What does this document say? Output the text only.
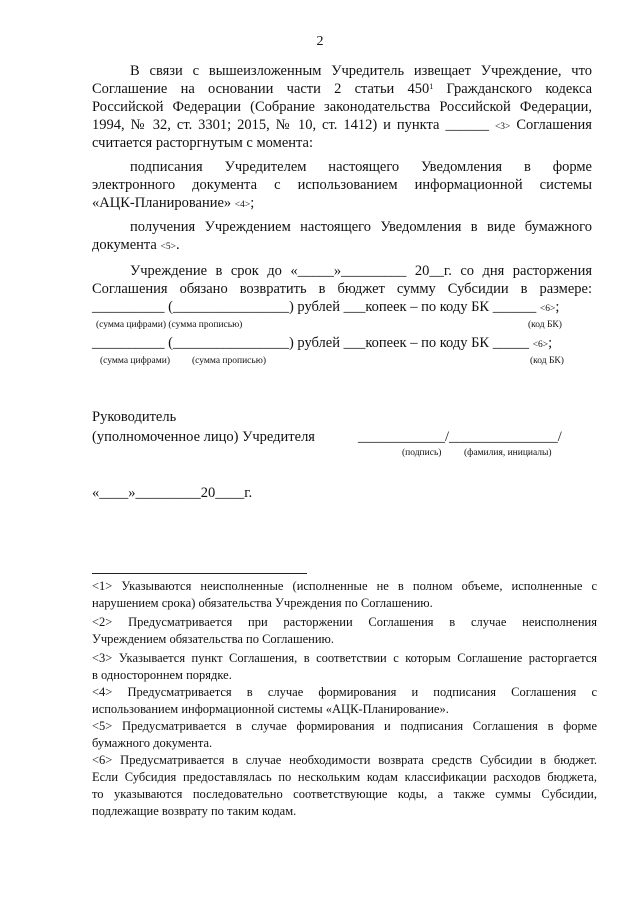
2
В связи с вышеизложенным Учредитель извещает Учреждение, что
Соглашение на основании части 2 статьи $450^1$ Гражданского кодекса
Российской Федерации (Собрание законодательства Российской Федерации,
1994, № 32, ст. 3301; 2015, № 10, ст. 1412) и пункта ______ <3> Соглашения
считается расторгнутым с момента:
подписания Учредителем настоящего Уведомления в форме
электронного документа с использованием информационной системы
«АЦК-Планирование» <4>;
получения Учреждением настоящего Уведомления в виде бумажного
документа <5>.
Учреждение в срок до «_____»_________ 20__г. со дня расторжения
Соглашения обязано возвратить в бюджет сумму Субсидии в размере:
__________ (________________) рублей ___копеек – по коду БК ______ <6>;
(сумма цифрами) (сумма прописью)	(код БК)
__________ (________________) рублей ___копеек – по коду БК _____ <6>;
(сумма цифрами) (сумма прописью)	(код БК)
Руководитель
(уполномоченное лицо) Учредителя	____________/_______________/
(подпись) (фамилия, инициалы)
«____»_________20____г.
<1> Указываются неисполненные (исполненные не в полном объеме, исполненные с
нарушением срока) обязательства Учреждения по Соглашению.
<2> Предусматривается при расторжении Соглашения в случае неисполнения
Учреждением обязательства по Соглашению.
<3> Указывается пункт Соглашения, в соответствии с которым Соглашение расторгается
в одностороннем порядке.
<4> Предусматривается в случае формирования и подписания Соглашения с
использованием информационной системы «АЦК-Планирование».
<5> Предусматривается в случае формирования и подписания Соглашения в форме
бумажного документа.
<6> Предусматривается в случае необходимости возврата средств Субсидии в бюджет.
Если Субсидия предоставлялась по нескольким кодам классификации расходов бюджета,
то указываются последовательно соответствующие коды, а также суммы Субсидии,
подлежащие возврату по таким кодам.
